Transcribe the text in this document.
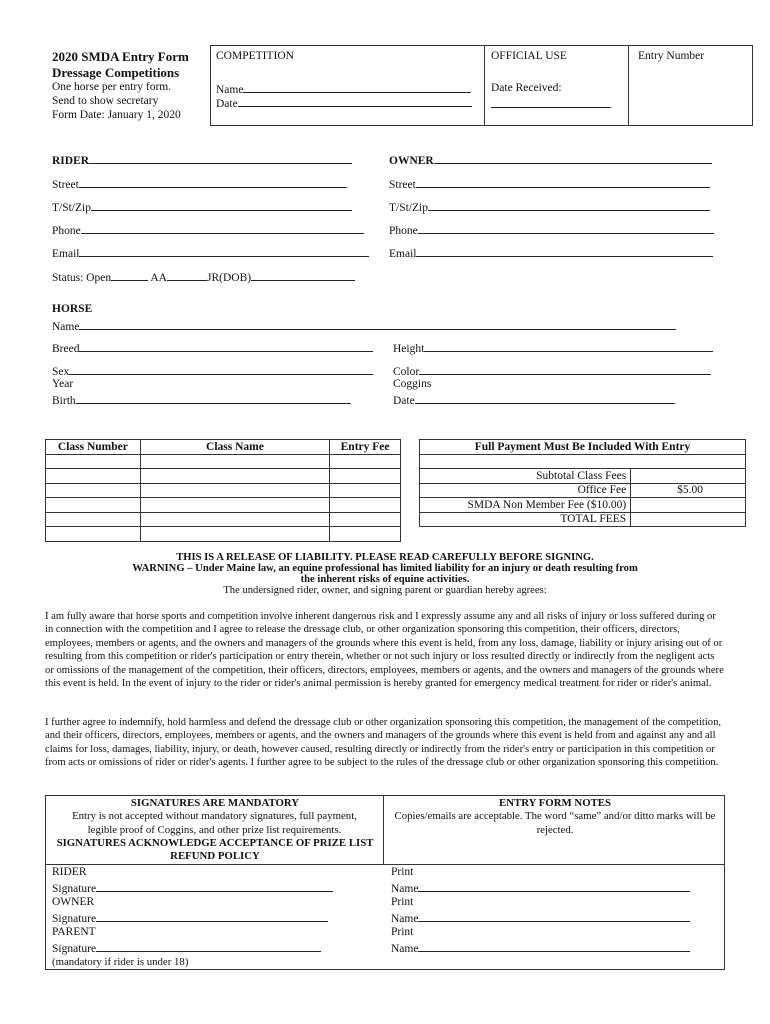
2020 SMDA Entry Form
Dressage Competitions
One horse per entry form.
Send to show secretary
Form Date: January 1, 2020
COMPETITION
Name
Date
OFFICIAL USE
Date Received:
Entry Number
RIDER
Street
T/St/Zip
Phone
Email
Status: Open	AA	JR(DOB)
OWNER
Street
T/St/Zip
Phone
Email
HORSE
Name
Breed	Height
Sex	Color
Year	Coggins
Birth	Date
Class Number	Class Name	Entry Fee

			Full Payment Must Be Included With Entry	

Subtotal Class Fees	
Office Fee	$5.00
SMDA Non Member Fee ($10.00)	
TOTAL FEES	
THIS IS A RELEASE OF LIABILITY. PLEASE READ CAREFULLY BEFORE SIGNING.
WARNING – Under Maine law, an equine professional has limited liability for an injury or death resulting from
the inherent risks of equine activities.
The undersigned rider, owner, and signing parent or guardian hereby agrees:
I am fully aware that horse sports and competition involve inherent dangerous risk and I expressly assume any and all risks of injury or loss suffered during or in connection with the competition and I agree to release the dressage club, or other organization sponsoring this competition, their officers, directors, employees, members or agents, and the owners and managers of the grounds where this event is held, from any loss, damage, liability or injury arising out of or resulting from this competition or rider's participation or entry therein, whether or not such injury or loss resulted directly or indirectly from the negligent acts or omissions of the management of the competition, their officers, directors, employees, members or agents, and the owners and managers of the grounds where this event is held. In the event of injury to the rider or rider's animal permission is hereby granted for emergency medical treatment for rider or rider's animal.
I further agree to indemnify, hold harmless and defend the dressage club or other organization sponsoring this competition, the management of the competition, and their officers, directors, employees, members or agents, and the owners and managers of the grounds where this event is held from and against any and all claims for loss, damages, liability, injury, or death, however caused, resulting directly or indirectly from the rider's entry or participation in this competition or from acts or omissions of rider or rider's agents. I further agree to be subject to the rules of the dressage club or other organization sponsoring this competition.
SIGNATURES ARE MANDATORY
Entry is not accepted without mandatory signatures, full payment, legible proof of Coggins, and other prize list requirements.
SIGNATURES ACKNOWLEDGE ACCEPTANCE OF PRIZE LIST REFUND POLICY
ENTRY FORM NOTES
Copies/emails are acceptable. The word “same” and/or ditto marks will be rejected.
RIDER
Signature
OWNER
Signature
PARENT
Signature
(mandatory if rider is under 18)
Print
Name
Print
Name
Print
Name
